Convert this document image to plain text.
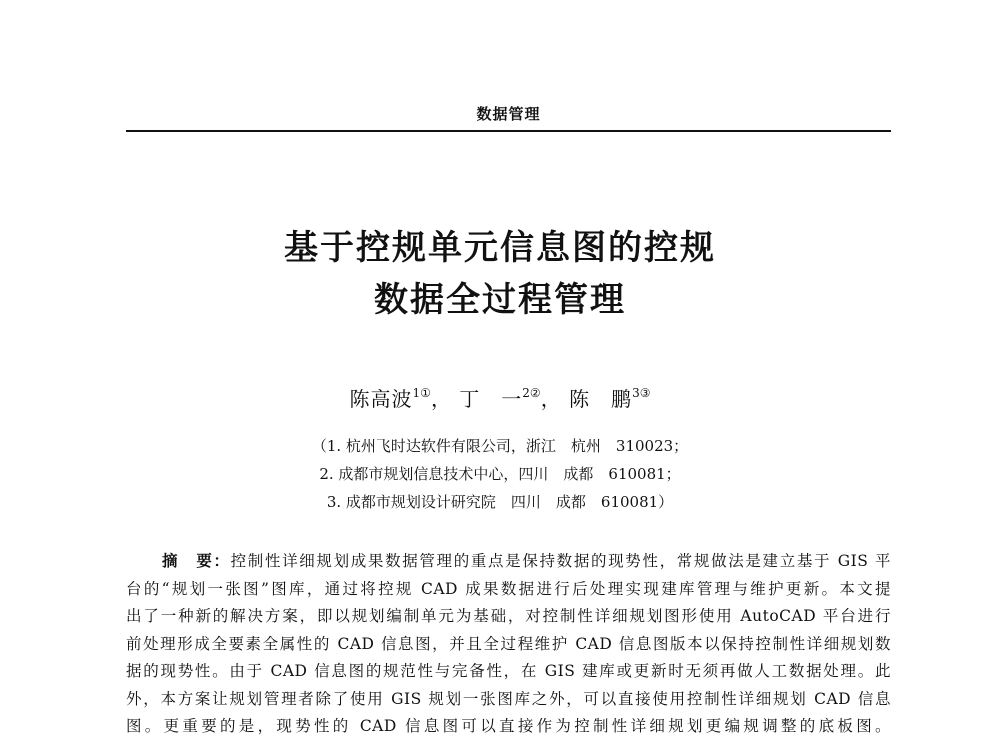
数据管理
基于控规单元信息图的控规
数据全过程管理
陈高波$^{1①}$， 丁　一$^{2②}$， 陈　鹏$^{3③}$
（1. 杭州飞时达软件有限公司，浙江　杭州　310023；
2. 成都市规划信息技术中心，四川　成都　610081；
3. 成都市规划设计研究院　四川　成都　610081）
摘　要：控制性详细规划成果数据管理的重点是保持数据的现势性，常规做法是建立基于 GIS 平
台的“规划一张图”图库，通过将控规 CAD 成果数据进行后处理实现建库管理与维护更新。本文提
出了一种新的解决方案，即以规划编制单元为基础，对控制性详细规划图形使用 AutoCAD 平台进行
前处理形成全要素全属性的 CAD 信息图，并且全过程维护 CAD 信息图版本以保持控制性详细规划数
据的现势性。由于 CAD 信息图的规范性与完备性，在 GIS 建库或更新时无须再做人工数据处理。此
外，本方案让规划管理者除了使用 GIS 规划一张图库之外，可以直接使用控制性详细规划 CAD 信息
图。更重要的是，现势性的 CAD 信息图可以直接作为控制性详细规划更编规调整的底板图。
